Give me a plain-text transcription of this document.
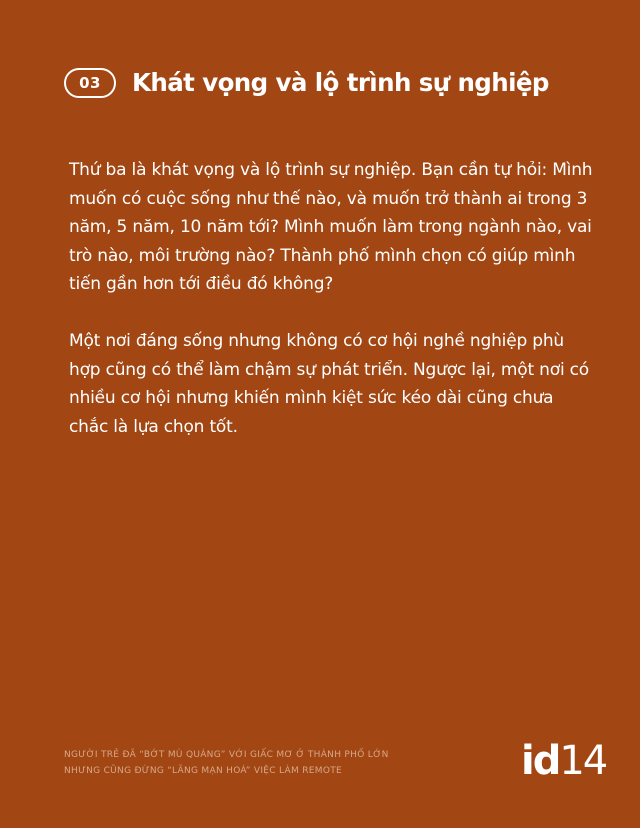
03	Khát vọng và lộ trình sự nghiệp

Thứ ba là khát vọng và lộ trình sự nghiệp. Bạn cần tự hỏi: Mình muốn có cuộc sống như thế nào, và muốn trở thành ai trong 3 năm, 5 năm, 10 năm tới? Mình muốn làm trong ngành nào, vai trò nào, môi trường nào? Thành phố mình chọn có giúp mình tiến gần hơn tới điều đó không?

Một nơi đáng sống nhưng không có cơ hội nghề nghiệp phù hợp cũng có thể làm chậm sự phát triển. Ngược lại, một nơi có nhiều cơ hội nhưng khiến mình kiệt sức kéo dài cũng chưa chắc là lựa chọn tốt.

NGƯỜI TRẺ ĐÃ “BỚT MÙ QUÁNG” VỚI GIẤC MƠ Ở THÀNH PHỐ LỚN
NHƯNG CŨNG ĐỪNG “LÃNG MẠN HOÁ” VIỆC LÀM REMOTE	id 14
